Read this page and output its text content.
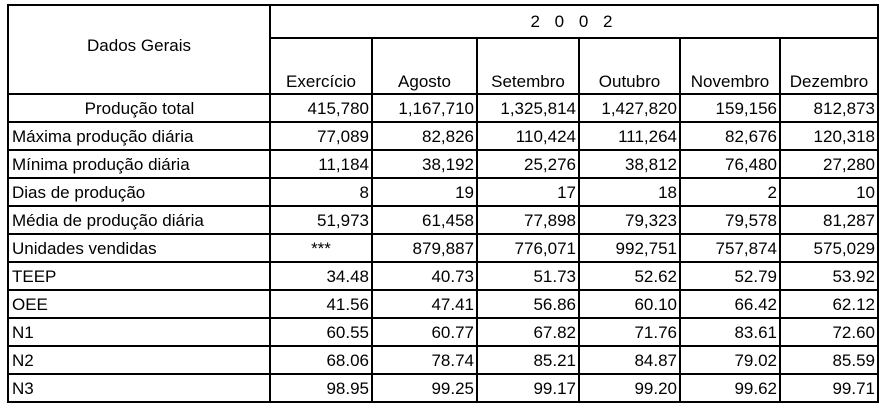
Dados Gerais	2 0 0 2					
	Exercício	Agosto	Setembro	Outubro	Novembro	Dezembro
Produção total	415,780	1,167,710	1,325,814	1,427,820	159,156	812,873
Máxima produção diária	77,089	82,826	110,424	111,264	82,676	120,318
Mínima produção diária	11,184	38,192	25,276	38,812	76,480	27,280
Dias de produção	8	19	17	18	2	10
Média de produção diária	51,973	61,458	77,898	79,323	79,578	81,287
Unidades vendidas	***	879,887	776,071	992,751	757,874	575,029
TEEP	34.48	40.73	51.73	52.62	52.79	53.92
OEE	41.56	47.41	56.86	60.10	66.42	62.12
N1	60.55	60.77	67.82	71.76	83.61	72.60
N2	68.06	78.74	85.21	84.87	79.02	85.59
N3	98.95	99.25	99.17	99.20	99.62	99.71
